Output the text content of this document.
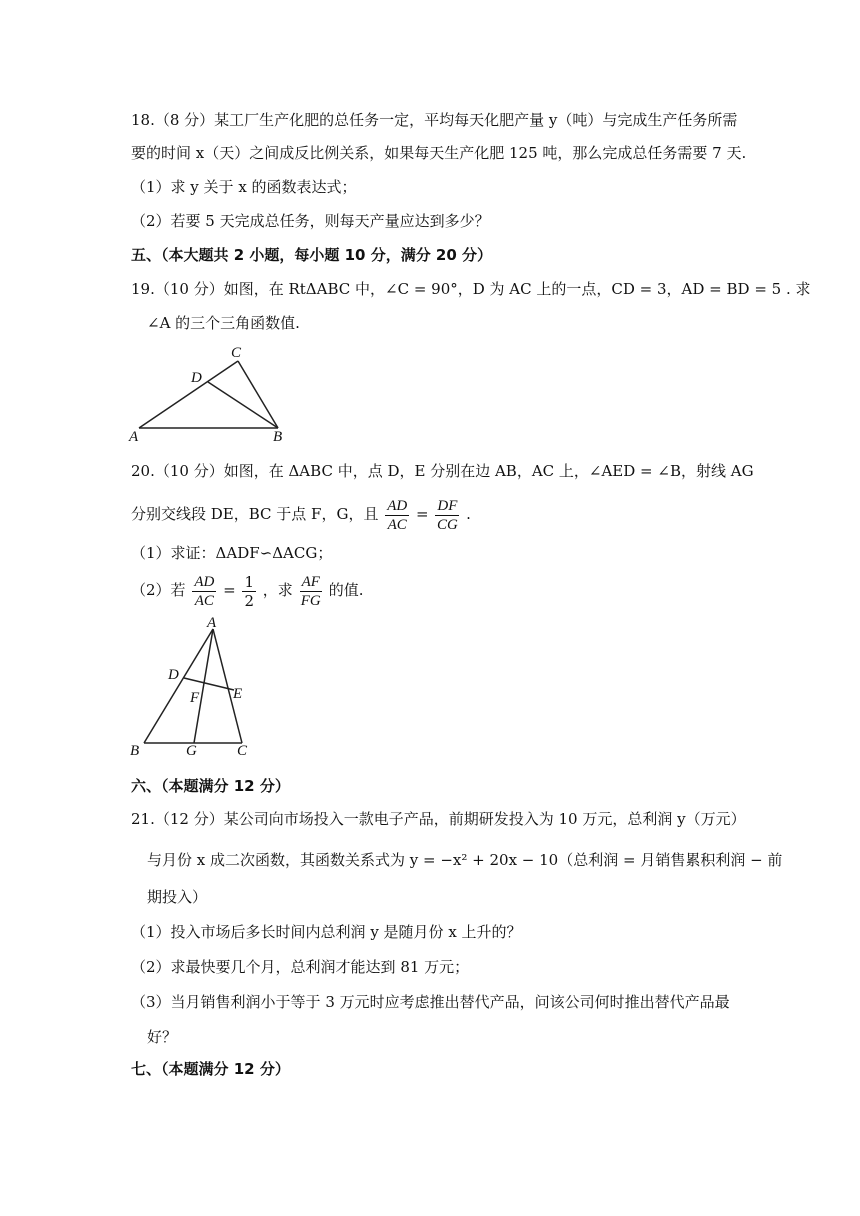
18.（8 分）某工厂生产化肥的总任务一定，平均每天化肥产量 y（吨）与完成生产任务所需
要的时间 x（天）之间成反比例关系，如果每天生产化肥 125 吨，那么完成总任务需要 7 天.
（1）求 y 关于 x 的函数表达式；
（2）若要 5 天完成总任务，则每天产量应达到多少？
五、（本大题共 2 小题，每小题 10 分，满分 20 分）
19.（10 分）如图，在 RtΔABC 中，∠C = 90°，D 为 AC 上的一点，CD = 3，AD = BD = 5 . 求
∠A 的三个三角函数值.
A	B
C
D
20.（10 分）如图，在 ΔABC 中，点 D，E 分别在边 AB，AC 上，∠AED = ∠B，射线 AG
分别交线段 DE，BC 于点 F，G，且 $\frac{AD}{AC} = \frac{DF}{CG}$ .
（1）求证：ΔADF∽ΔACG；
（2）若 $\frac{AD}{AC} = \frac{1}{2}$ ，求 $\frac{AF}{FG}$ 的值.
A
B	C
D
E
F
G
六、（本题满分 12 分）
21.（12 分）某公司向市场投入一款电子产品，前期研发投入为 10 万元，总利润 y（万元）
与月份 x 成二次函数，其函数关系式为 y = −x² + 20x − 10（总利润 = 月销售累积利润 − 前
期投入）
（1）投入市场后多长时间内总利润 y 是随月份 x 上升的？
（2）求最快要几个月，总利润才能达到 81 万元；
（3）当月销售利润小于等于 3 万元时应考虑推出替代产品，问该公司何时推出替代产品最
好？
七、（本题满分 12 分）
